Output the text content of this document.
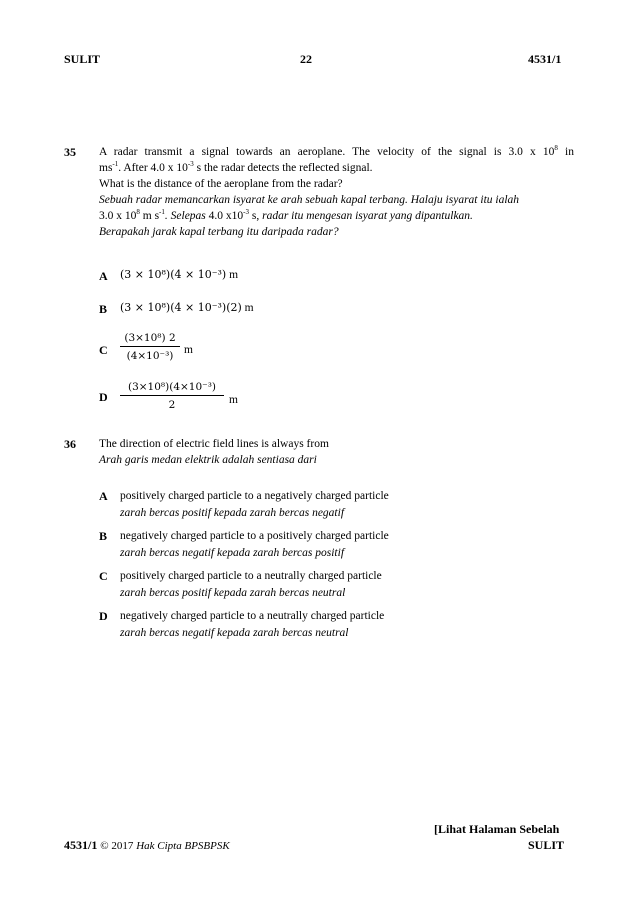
SULIT	22	4531/1
35 A radar transmit a signal towards an aeroplane. The velocity of the signal is 3.0 x $10^8$ in
$ms^{-1}$. After 4.0 x $10^{-3}$ s the radar detects the reflected signal.
What is the distance of the aeroplane from the radar?
Sebuah radar memancarkan isyarat ke arah sebuah kapal terbang. Halaju isyarat itu ialah
3.0 x $10^8$ m $s^{-1}$. Selepas 4.0 $x10^{-3}$ s, radar itu mengesan isyarat yang dipantulkan.
Berapakah jarak kapal terbang itu daripada radar?
A (3 × 10⁸)(4 × 10⁻³) m
B (3 × 10⁸)(4 × 10⁻³)(2) m
C
(3×10⁸) 2
(4×10⁻³) m
D
(3×10⁸)(4×10⁻³)
2	m
36 The direction of electric field lines is always from
Arah garis medan elektrik adalah sentiasa dari
A positively charged particle to a negatively charged particle
zarah bercas positif kepada zarah bercas negatif
B negatively charged particle to a positively charged particle
zarah bercas negatif kepada zarah bercas positif
C positively charged particle to a neutrally charged particle
zarah bercas positif kepada zarah bercas neutral
D negatively charged particle to a neutrally charged particle
zarah bercas negatif kepada zarah bercas neutral
[Lihat Halaman Sebelah
4531/1 © 2017 Hak Cipta BPSBPSK	SULIT
